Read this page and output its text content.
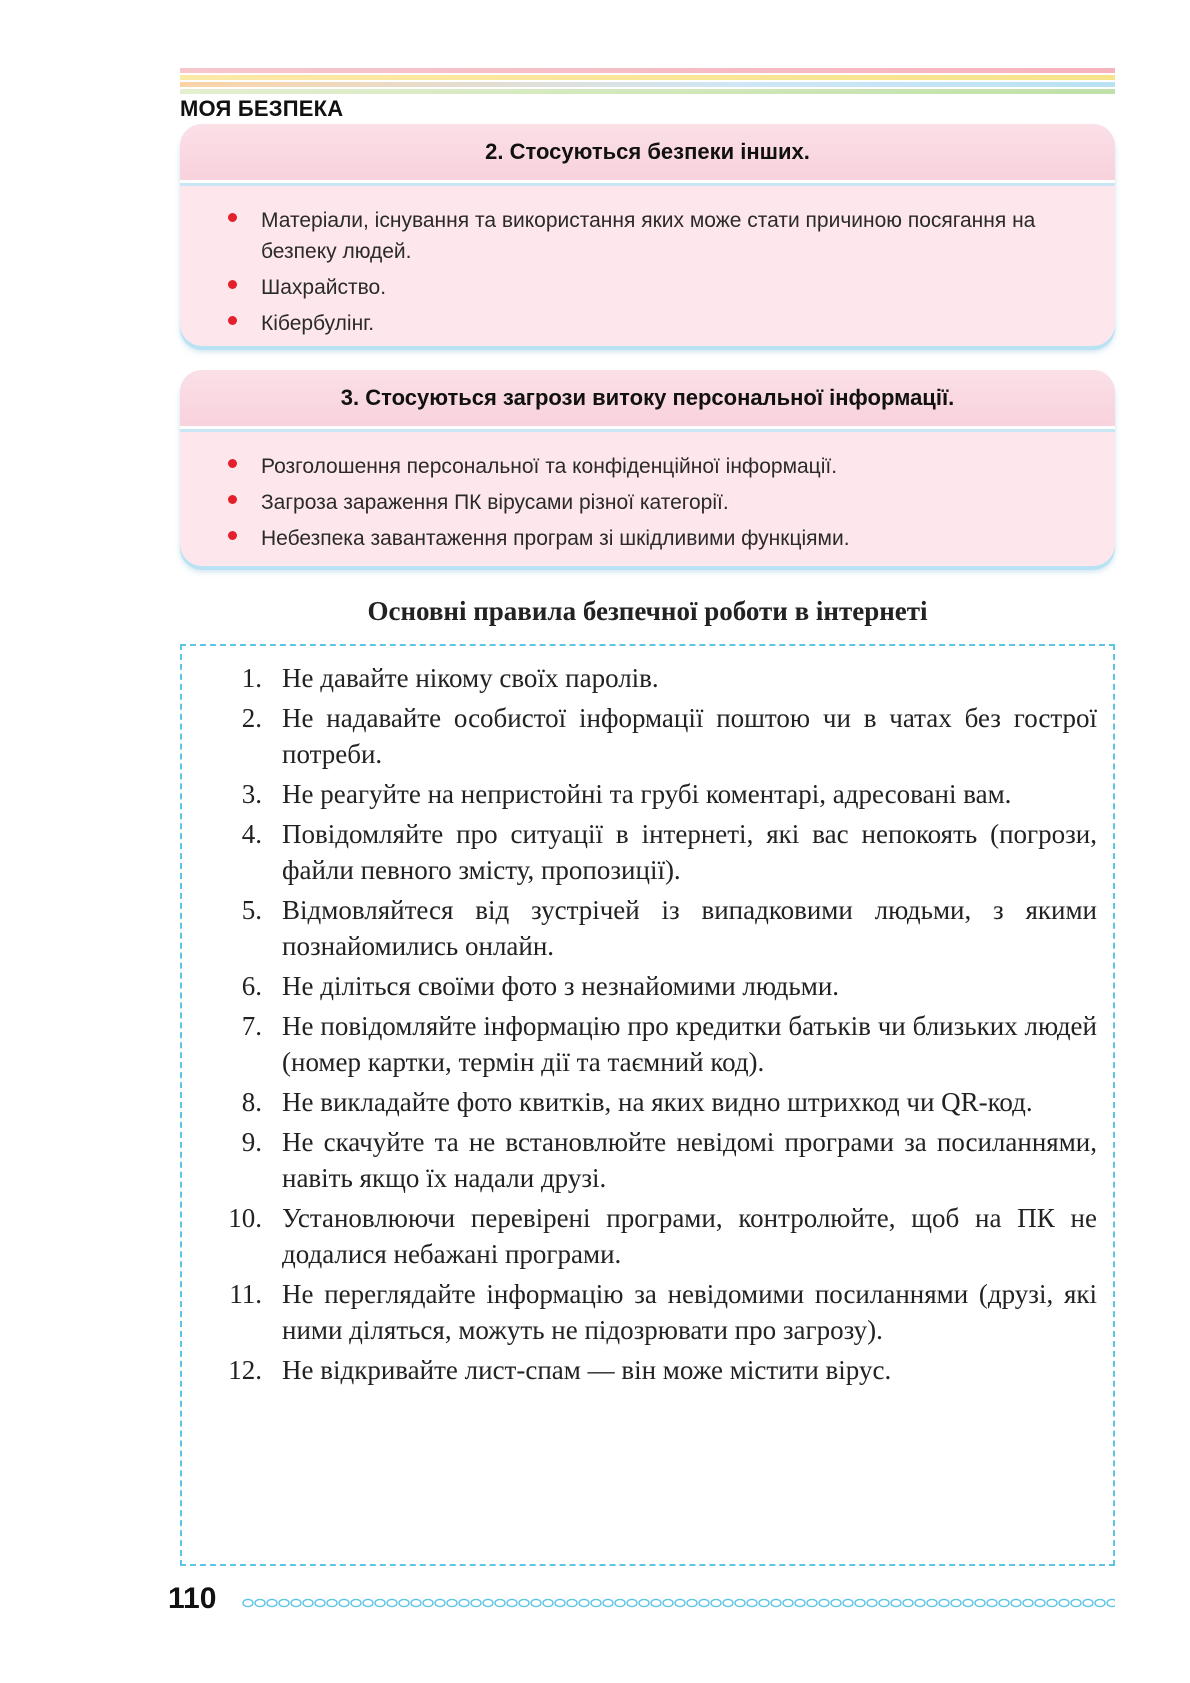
МОЯ БЕЗПЕКА
2. Стосуються безпеки інших.
Матеріали, існування та використання яких може стати причиною посягання на безпеку людей.
Шахрайство.
Кібербулінг.
3. Стосуються загрози витоку персональної інформації.
Розголошення персональної та конфіденційної інформації.
Загроза зараження ПК вірусами різної категорії.
Небезпека завантаження програм зі шкідливими функціями.
Основні правила безпечної роботи в інтернеті
1. Не давайте нікому своїх паролів.
2. Не надавайте особистої інформації поштою чи в чатах без гострої потреби.
3. Не реагуйте на непристойні та грубі коментарі, адресовані вам.
4. Повідомляйте про ситуації в інтернеті, які вас непокоять (погрози, файли певного змісту, пропозиції).
5. Відмовляйтеся від зустрічей із випадковими людьми, з якими познайомились онлайн.
6. Не діліться своїми фото з незнайомими людьми.
7. Не повідомляйте інформацію про кредитки батьків чи близьких людей (номер картки, термін дії та таємний код).
8. Не викладайте фото квитків, на яких видно штрихкод чи QR-код.
9. Не скачуйте та не встановлюйте невідомі програми за посиланнями, навіть якщо їх надали друзі.
10. Установлюючи перевірені програми, контролюйте, щоб на ПК не додалися небажані програми.
11. Не переглядайте інформацію за невідомими посиланнями (друзі, які ними діляться, можуть не підозрювати про загрозу).
12. Не відкривайте лист-спам — він може містити вірус.
110
